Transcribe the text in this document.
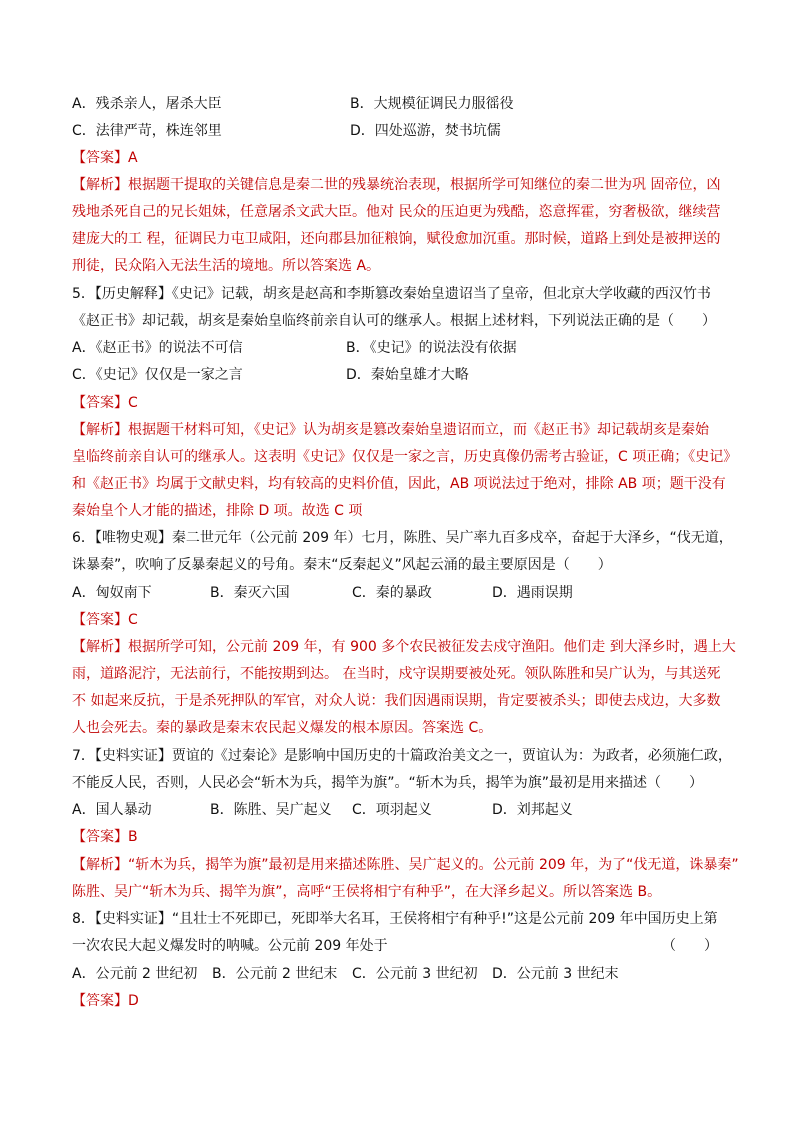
A．残杀亲人，屠杀大臣	B．大规模征调民力服徭役
C．法律严苛，株连邻里	D．四处巡游，焚书坑儒
【答案】A
【解析】根据题干提取的关键信息是秦二世的残暴统治表现，根据所学可知继位的秦二世为巩 固帝位，凶
残地杀死自己的兄长姐妹，任意屠杀文武大臣。他对 民众的压迫更为残酷，恣意挥霍，穷奢极欲，继续营
建庞大的工 程，征调民力屯卫咸阳，还向郡县加征粮饷，赋役愈加沉重。那时候，道路上到处是被押送的
刑徒，民众陷入无法生活的境地。所以答案选 A。
5．【历史解释】《史记》记载，胡亥是赵高和李斯篡改秦始皇遗诏当了皇帝，但北京大学收藏的西汉竹书
《赵正书》却记载，胡亥是秦始皇临终前亲自认可的继承人。根据上述材料，下列说法正确的是（　　）
A．《赵正书》的说法不可信	B．《史记》的说法没有依据
C．《史记》仅仅是一家之言	D．秦始皇雄才大略
【答案】C
【解析】根据题干材料可知，《史记》认为胡亥是篡改秦始皇遗诏而立，而《赵正书》却记载胡亥是秦始
皇临终前亲自认可的继承人。这表明《史记》仅仅是一家之言，历史真像仍需考古验证，C 项正确；《史记》
和《赵正书》均属于文献史料，均有较高的史料价值，因此，AB 项说法过于绝对，排除 AB 项；题干没有
秦始皇个人才能的描述，排除 D 项。故选 C 项
6．【唯物史观】秦二世元年（公元前 209 年）七月，陈胜、吴广率九百多戍卒，奋起于大泽乡，“伐无道，
诛暴秦”，吹响了反暴秦起义的号角。秦末“反秦起义”风起云涌的最主要原因是（　　）
A．匈奴南下	B．秦灭六国	C．秦的暴政	D．遇雨误期
【答案】C
【解析】根据所学可知，公元前 209 年，有 900 多个农民被征发去戍守渔阳。他们走 到大泽乡时，遇上大
雨，道路泥泞，无法前行，不能按期到达。 在当时，戍守误期要被处死。领队陈胜和吴广认为，与其送死
不 如起来反抗，于是杀死押队的军官，对众人说：我们因遇雨误期，肯定要被杀头；即使去戍边，大多数
人也会死去。秦的暴政是秦末农民起义爆发的根本原因。答案选 C。
7．【史料实证】贾谊的《过秦论》是影响中国历史的十篇政治美文之一，贾谊认为：为政者，必须施仁政，
不能反人民，否则，人民必会“斩木为兵，揭竿为旗”。“斩木为兵，揭竿为旗”最初是用来描述（　　）
A．国人暴动	B．陈胜、吴广起义 C．项羽起义	D．刘邦起义
【答案】B
【解析】“斩木为兵，揭竿为旗”最初是用来描述陈胜、吴广起义的。公元前 209 年，为了“伐无道，诛暴秦”
陈胜、吴广“斩木为兵、揭竿为旗”，高呼“王侯将相宁有种乎”，在大泽乡起义。所以答案选 B。
8．【史料实证】“且壮士不死即已，死即举大名耳，王侯将相宁有种乎!”这是公元前 209 年中国历史上第
一次农民大起义爆发时的呐喊。公元前 209 年处于	（　　）
A．公元前 2 世纪初 B．公元前 2 世纪末 C．公元前 3 世纪初 D．公元前 3 世纪末
【答案】D
